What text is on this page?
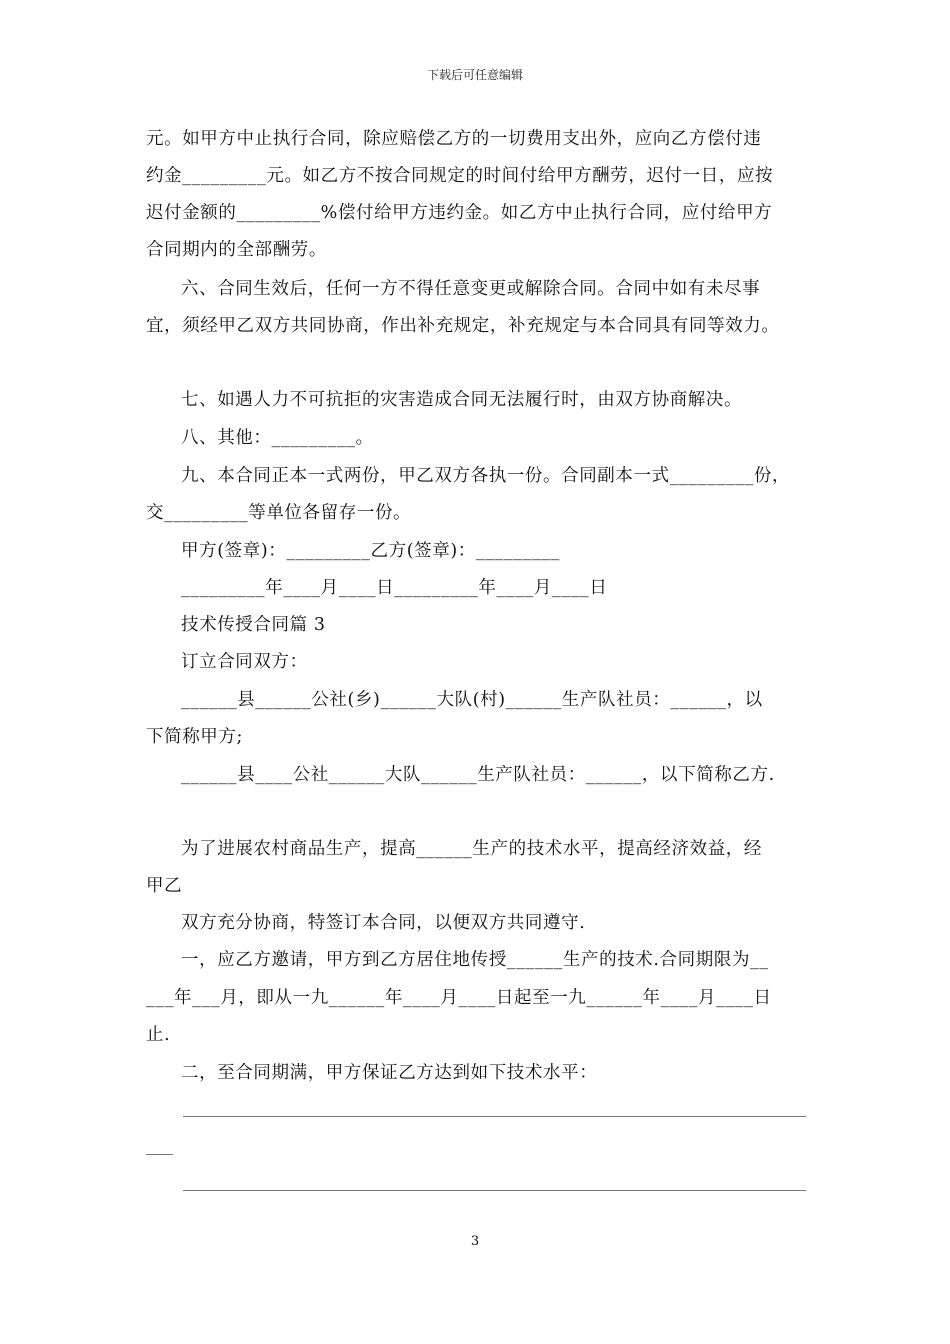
下载后可任意编辑
元。如甲方中止执行合同，除应赔偿乙方的一切费用支出外，应向乙方偿付违
约金_________元。如乙方不按合同规定的时间付给甲方酬劳，迟付一日，应按
迟付金额的_________%偿付给甲方违约金。如乙方中止执行合同，应付给甲方
合同期内的全部酬劳。
六、合同生效后，任何一方不得任意变更或解除合同。合同中如有未尽事
宜，须经甲乙双方共同协商，作出补充规定，补充规定与本合同具有同等效力。
七、如遇人力不可抗拒的灾害造成合同无法履行时，由双方协商解决。
八、其他：_________。
九、本合同正本一式两份，甲乙双方各执一份。合同副本一式_________份，
交_________等单位各留存一份。
甲方(签章)：_________乙方(签章)：_________
_________年____月____日_________年____月____日
技术传授合同篇 3
订立合同双方：
______县______公社(乡)______大队(村)______生产队社员：______，以
下简称甲方;
______县____公社______大队______生产队社员：______，以下简称乙方.
为了进展农村商品生产，提高______生产的技术水平，提高经济效益，经
甲乙
双方充分协商，特签订本合同，以便双方共同遵守.
一，应乙方邀请，甲方到乙方居住地传授______生产的技术.合同期限为__
___年___月，即从一九______年____月____日起至一九______年____月____日
止.
二，至合同期满，甲方保证乙方达到如下技术水平：
3
